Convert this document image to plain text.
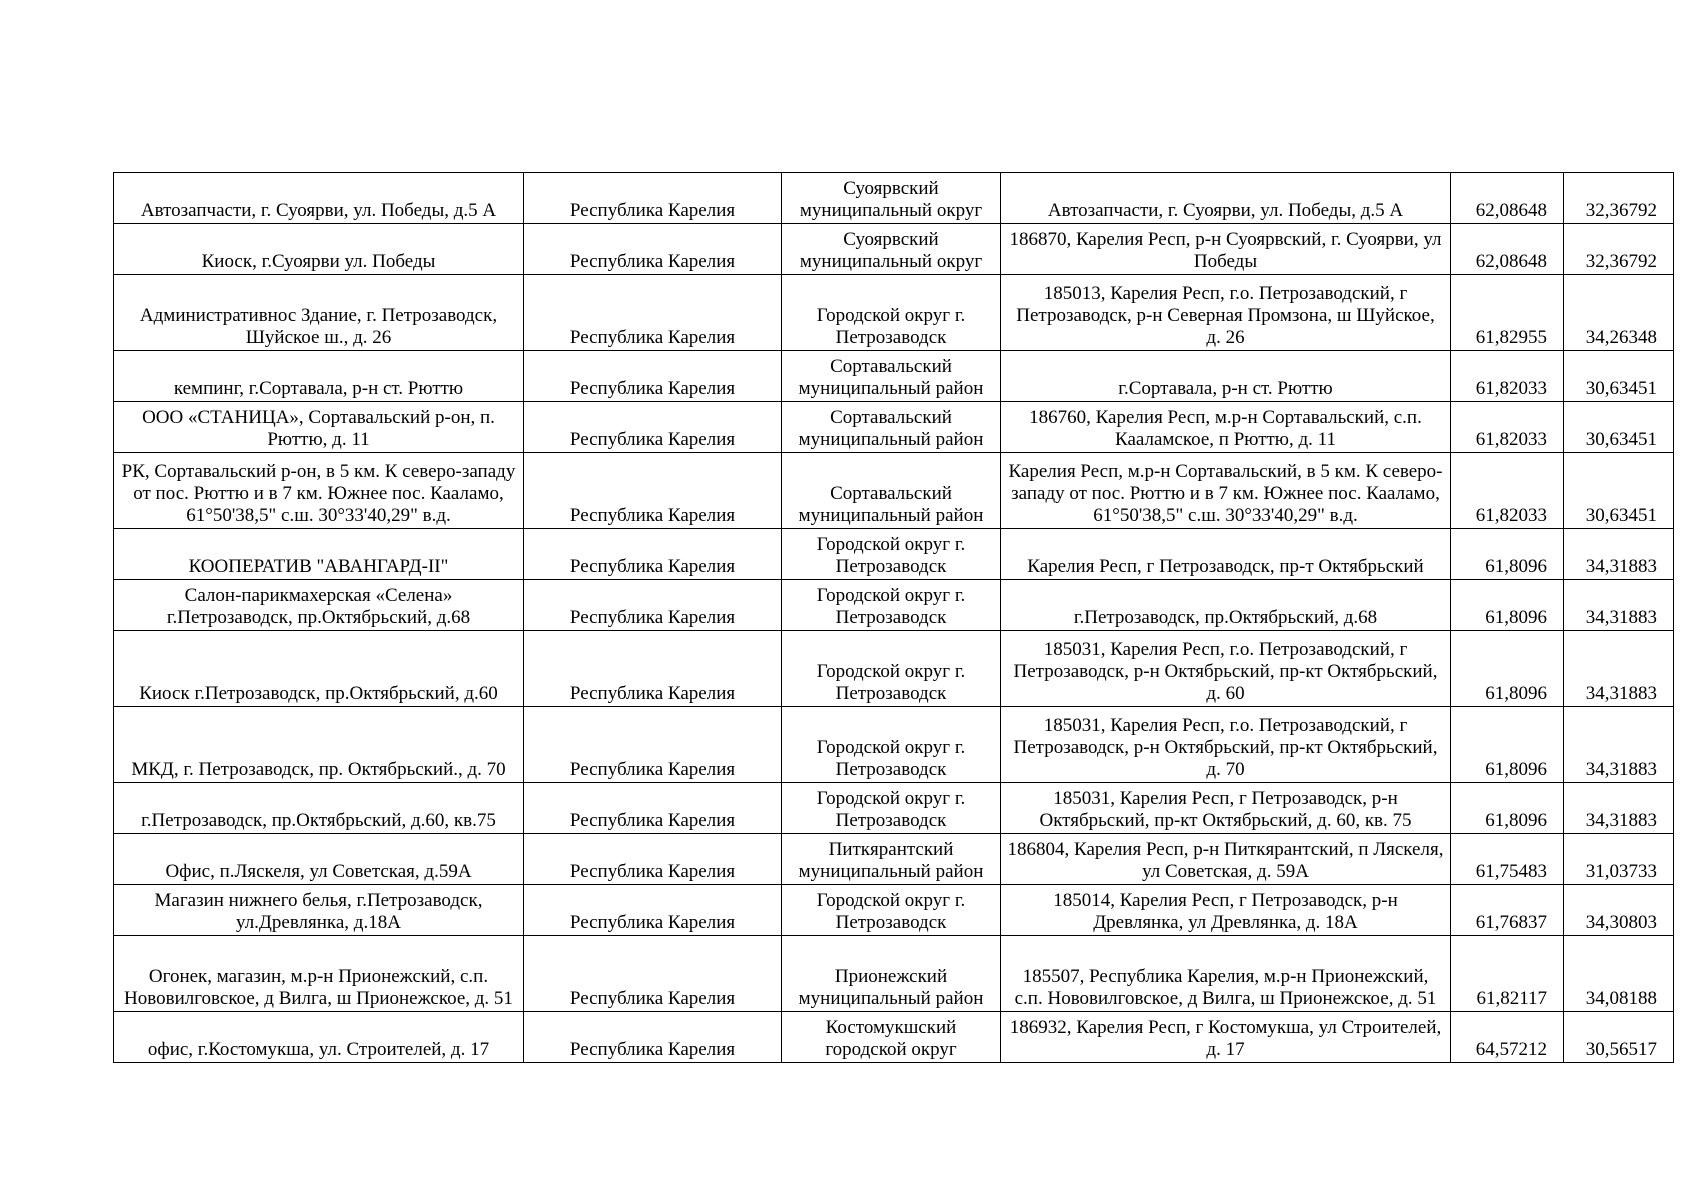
Автозапчасти, г. Суоярви, ул. Победы, д.5 А	Республика Карелия	Суоярвский муниципальный округ	Автозапчасти, г. Суоярви, ул. Победы, д.5 А	62,08648	32,36792
Киоск, г.Суоярви ул. Победы	Республика Карелия	Суоярвский муниципальный округ	186870, Карелия Респ, р-н Суоярвский, г. Суоярви, ул Победы	62,08648	32,36792
Административнос Здание, г. Петрозаводск, Шуйское ш., д. 26	Республика Карелия	Городской округ г. Петрозаводск	185013, Карелия Респ, г.о. Петрозаводский, г Петрозаводск, р-н Северная Промзона, ш Шуйское, д. 26	61,82955	34,26348
кемпинг, г.Сортавала, р-н ст. Рюттю	Республика Карелия	Сортавальский муниципальный район	г.Сортавала, р-н ст. Рюттю	61,82033	30,63451
ООО «СТАНИЦА», Сортавальский р-он, п. Рюттю, д. 11	Республика Карелия	Сортавальский муниципальный район	186760, Карелия Респ, м.р-н Сортавальский, с.п. Кааламское, п Рюттю, д. 11	61,82033	30,63451
РК, Сортавальский р-он, в 5 км. К северо-западу от пос. Рюттю и в 7 км. Южнее пос. Кааламо, 61°50'38,5" с.ш. 30°33'40,29" в.д.	Республика Карелия	Сортавальский муниципальный район	Карелия Респ, м.р-н Сортавальский, в 5 км. К северо-западу от пос. Рюттю и в 7 км. Южнее пос. Кааламо, 61°50'38,5" с.ш. 30°33'40,29" в.д.	61,82033	30,63451
КООПЕРАТИВ "АВАНГАРД-II"	Республика Карелия	Городской округ г. Петрозаводск	Карелия Респ, г Петрозаводск, пр-т Октябрьский	61,8096	34,31883
Салон-парикмахерская «Селена» г.Петрозаводск, пр.Октябрьский, д.68	Республика Карелия	Городской округ г. Петрозаводск	г.Петрозаводск, пр.Октябрьский, д.68	61,8096	34,31883
Киоск г.Петрозаводск, пр.Октябрьский, д.60	Республика Карелия	Городской округ г. Петрозаводск	185031, Карелия Респ, г.о. Петрозаводский, г Петрозаводск, р-н Октябрьский, пр-кт Октябрьский, д. 60	61,8096	34,31883
МКД, г. Петрозаводск, пр. Октябрьский., д. 70	Республика Карелия	Городской округ г. Петрозаводск	185031, Карелия Респ, г.о. Петрозаводский, г Петрозаводск, р-н Октябрьский, пр-кт Октябрьский, д. 70	61,8096	34,31883
г.Петрозаводск, пр.Октябрьский, д.60, кв.75	Республика Карелия	Городской округ г. Петрозаводск	185031, Карелия Респ, г Петрозаводск, р-н Октябрьский, пр-кт Октябрьский, д. 60, кв. 75	61,8096	34,31883
Офис, п.Ляскеля, ул Советская, д.59А	Республика Карелия	Питкярантский муниципальный район	186804, Карелия Респ, р-н Питкярантский, п Ляскеля, ул Советская, д. 59А	61,75483	31,03733
Магазин нижнего белья, г.Петрозаводск, ул.Древлянка, д.18А	Республика Карелия	Городской округ г. Петрозаводск	185014, Карелия Респ, г Петрозаводск, р-н Древлянка, ул Древлянка, д. 18А	61,76837	34,30803
Огонек, магазин, м.р-н Прионежский, с.п. Нововилговское, д Вилга, ш Прионежское, д. 51	Республика Карелия	Прионежский муниципальный район	185507, Республика Карелия, м.р-н Прионежский, с.п. Нововилговское, д Вилга, ш Прионежское, д. 51	61,82117	34,08188
офис, г.Костомукша, ул. Строителей, д. 17	Республика Карелия	Костомукшский городской округ	186932, Карелия Респ, г Костомукша, ул Строителей, д. 17	64,57212	30,56517
